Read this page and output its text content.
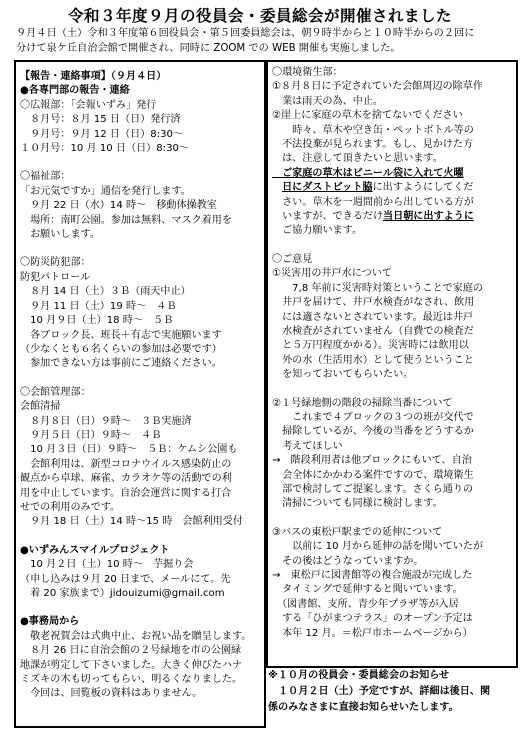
令和３年度９月の役員会・委員総会が開催されました

９月４日（土）令和３年度第６回役員会・第５回委員総会は、朝９時半からと１０時半からの２回に

分けて泉ケ丘自治会館で開催され、同時に ZOOM での WEB 開催も実施しました。

【報告・連絡事項】（９月４日）

●各専門部の報告・連絡

〇広報部：「会報いずみ」発行

　８月号：８月 15 日（日）発行済

　９月号：９月 12 日（日）8:30～

１０月号：10 月 10 日（日）8:30～

〇福祉部：

「お元気ですか」通信を発行します。

　９月 22 日（水）14 時～　移動体操教室

　場所：南町公園。参加は無料、マスク着用を

　お願いします。

〇防災防犯部：

防犯パトロール

　８月 14 日（土）３Ｂ（雨天中止）

　９月 11 日（土）19 時～　４Ｂ

　10 月９日（土）18 時～　５Ｂ

　各ブロック長、班長＋有志で実施願います

（少なくとも６名くらいの参加は必要です）

　参加できない方は事前にご連絡ください。

〇会館管理部：

会館清掃

　８月８日（日）９時～　３Ｂ実施済

　９月５日（日）９時～　４Ｂ

　10 月３日（日）９時～　５Ｂ：ケムシ公園も

　会館利用は、新型コロナウイルス感染防止の

観点から卓球、麻雀、カラオケ等の活動での利

用を中止しています。自治会運営に関する打合

せでの利用のみです。

　９月 18 日（土）14 時～15 時　会館利用受付

●いずみんスマイルプロジェクト

　10 月２日（土）10 時～　芋掘り会

（申し込みは９月 20 日まで、メールにて。先

　着 20 家族まで）jidouizumi@gmail.com

●事務局から

　敬老祝賀会は式典中止、お祝い品を贈呈します。

　８月 26 日に自治会館の２号緑地を市の公園緑

地課が剪定して下さいました。大きく伸びたハナ

ミズキの木も切ってもらい、明るくなりました。

　今回は、回覧板の資料はありません。

〇環境衛生部：

①８月８日に予定されていた会館周辺の除草作

　業は雨天の為、中止。

②崖上に家庭の草木を捨てないでください

　　時々、草木や空き缶・ペットボトル等の

　不法投棄が見られます。もし、見かけた方

　は、注意して頂きたいと思います。

　ご家庭の草木はビニール袋に入れて火曜

　日にダストピット脇に出すようにしてくだ

　さい。草木を一週間前から出している方が

　いますが、できるだけ当日朝に出すように

　ご協力願います。

〇ご意見

①災害用の井戸水について

　　7,8 年前に災害時対策ということで家庭の

　井戸を届けて、井戸水検査がなされ、飲用

　には適さないとされています。最近は井戸

　水検査がされていません（自費での検査だ

　と５万円程度かかる）。災害時には飲用以

　外の水（生活用水）として使うということ

　を知っておいてもらいたい。

②１号緑地側の階段の掃除当番について

　　これまで４ブロックの３つの班が交代で

　掃除しているが、今後の当番をどうするか

　考えてほしい

→　階段利用者は他ブロックにもいて、自治

　会全体にかかわる案件ですので、環境衛生

　部で検討してご提案します。さくら通りの

　清掃についても同様に検討します。

③バスの東松戸駅までの延伸について

　　以前に 10 月から延伸の話を聞いていたが

　その後はどうなっていますか。

→　東松戸に図書館等の複合施設が完成した

　タイミングで延伸すると聞いています。

　（図書館、支所、青少年プラザ等が入居

　する「ひがまつテラス」のオープン予定は

　本年 12 月。＝松戸市ホームページから）

※１０月の役員会・委員総会のお知らせ

　１０月２日（土）予定ですが、詳細は後日、関

係のみなさまに直接お知らせいたします。
